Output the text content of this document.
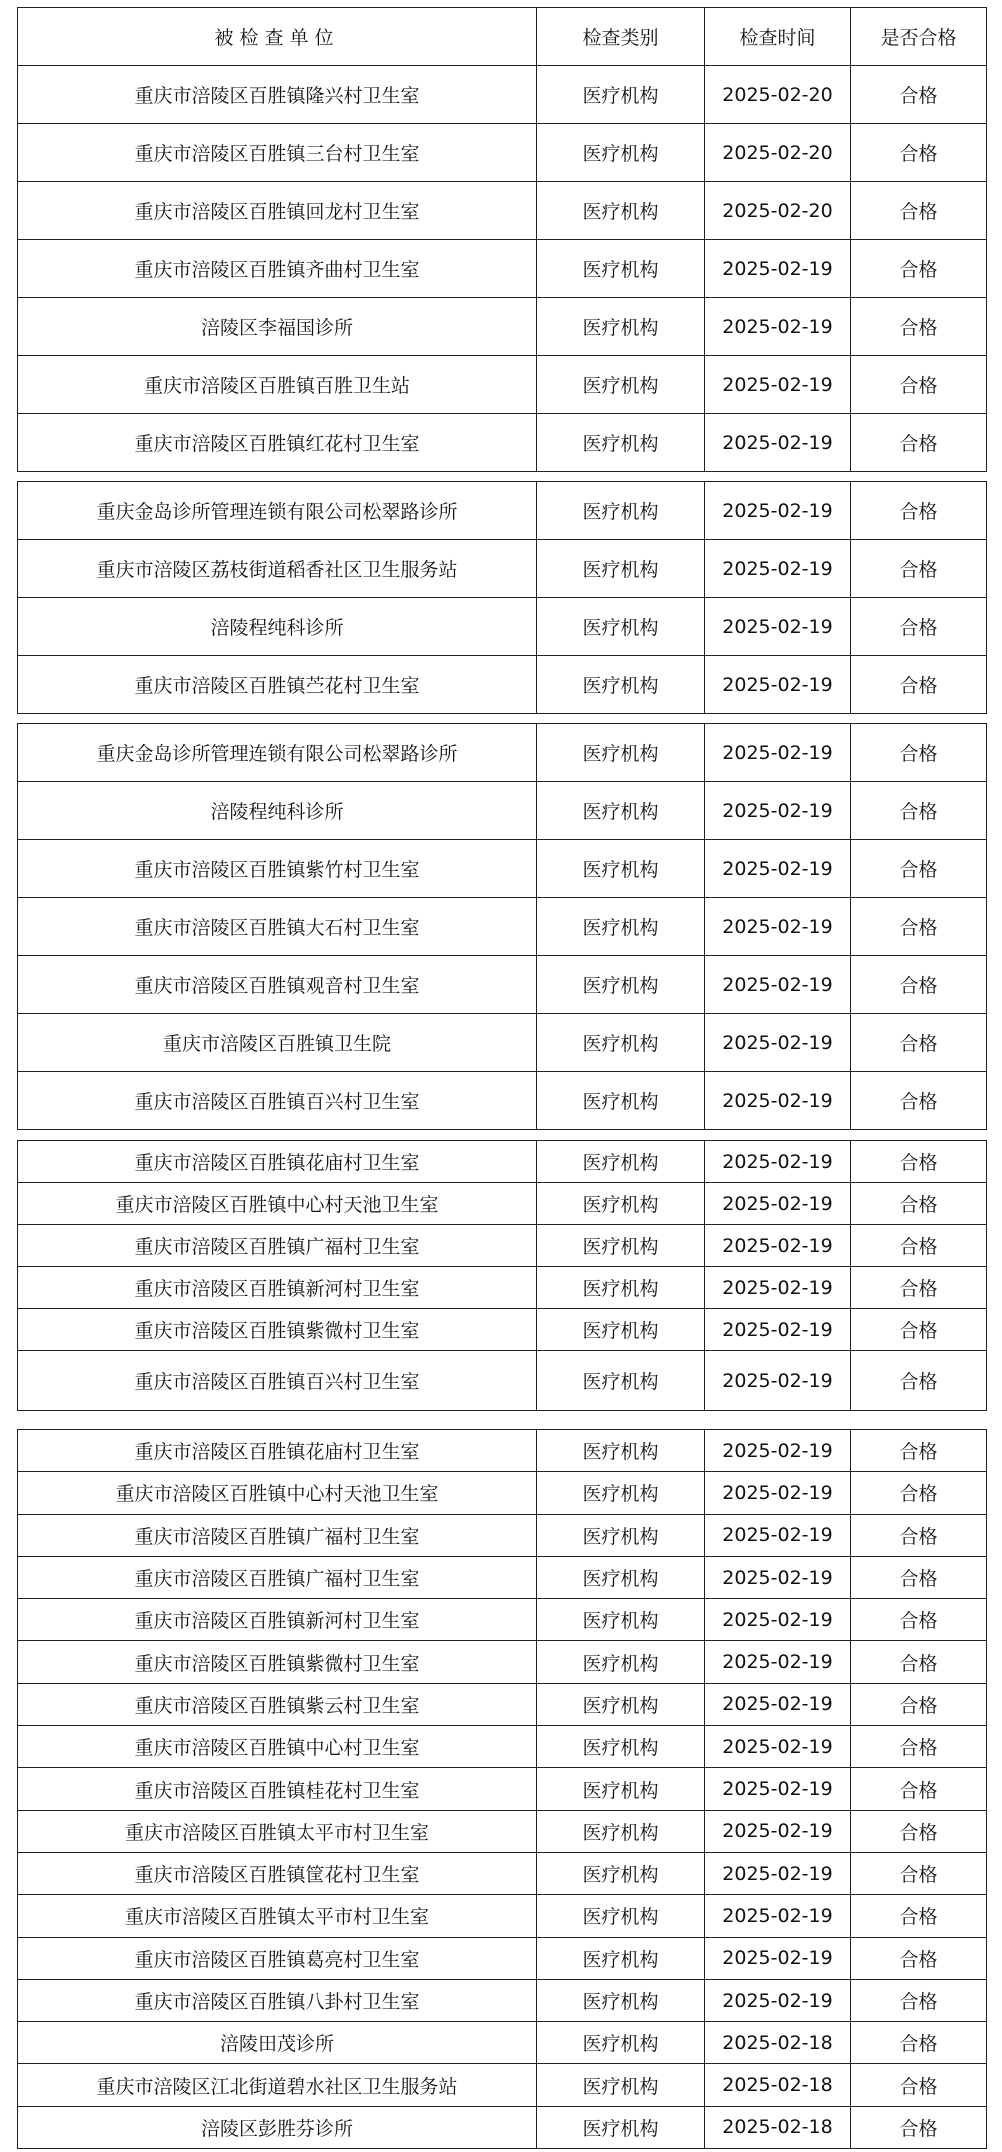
被检查单位	检查类别	检查时间	是否合格
重庆市涪陵区百胜镇隆兴村卫生室	医疗机构	2025-02-20	合格
重庆市涪陵区百胜镇三台村卫生室	医疗机构	2025-02-20	合格
重庆市涪陵区百胜镇回龙村卫生室	医疗机构	2025-02-20	合格
重庆市涪陵区百胜镇齐曲村卫生室	医疗机构	2025-02-19	合格
涪陵区李福国诊所	医疗机构	2025-02-19	合格
重庆市涪陵区百胜镇百胜卫生站	医疗机构	2025-02-19	合格
重庆市涪陵区百胜镇红花村卫生室	医疗机构	2025-02-19	合格
重庆金岛诊所管理连锁有限公司松翠路诊所	医疗机构	2025-02-19	合格
重庆市涪陵区荔枝街道稻香社区卫生服务站	医疗机构	2025-02-19	合格
涪陵程纯科诊所	医疗机构	2025-02-19	合格
重庆市涪陵区百胜镇苎花村卫生室	医疗机构	2025-02-19	合格
重庆金岛诊所管理连锁有限公司松翠路诊所	医疗机构	2025-02-19	合格
涪陵程纯科诊所	医疗机构	2025-02-19	合格
重庆市涪陵区百胜镇紫竹村卫生室	医疗机构	2025-02-19	合格
重庆市涪陵区百胜镇大石村卫生室	医疗机构	2025-02-19	合格
重庆市涪陵区百胜镇观音村卫生室	医疗机构	2025-02-19	合格
重庆市涪陵区百胜镇卫生院	医疗机构	2025-02-19	合格
重庆市涪陵区百胜镇百兴村卫生室	医疗机构	2025-02-19	合格
重庆市涪陵区百胜镇花庙村卫生室	医疗机构	2025-02-19	合格
重庆市涪陵区百胜镇中心村天池卫生室	医疗机构	2025-02-19	合格
重庆市涪陵区百胜镇广福村卫生室	医疗机构	2025-02-19	合格
重庆市涪陵区百胜镇新河村卫生室	医疗机构	2025-02-19	合格
重庆市涪陵区百胜镇紫微村卫生室	医疗机构	2025-02-19	合格
重庆市涪陵区百胜镇百兴村卫生室	医疗机构	2025-02-19	合格
重庆市涪陵区百胜镇花庙村卫生室	医疗机构	2025-02-19	合格
重庆市涪陵区百胜镇中心村天池卫生室	医疗机构	2025-02-19	合格
重庆市涪陵区百胜镇广福村卫生室	医疗机构	2025-02-19	合格
重庆市涪陵区百胜镇广福村卫生室	医疗机构	2025-02-19	合格
重庆市涪陵区百胜镇新河村卫生室	医疗机构	2025-02-19	合格
重庆市涪陵区百胜镇紫微村卫生室	医疗机构	2025-02-19	合格
重庆市涪陵区百胜镇紫云村卫生室	医疗机构	2025-02-19	合格
重庆市涪陵区百胜镇中心村卫生室	医疗机构	2025-02-19	合格
重庆市涪陵区百胜镇桂花村卫生室	医疗机构	2025-02-19	合格
重庆市涪陵区百胜镇太平市村卫生室	医疗机构	2025-02-19	合格
重庆市涪陵区百胜镇筐花村卫生室	医疗机构	2025-02-19	合格
重庆市涪陵区百胜镇太平市村卫生室	医疗机构	2025-02-19	合格
重庆市涪陵区百胜镇葛亮村卫生室	医疗机构	2025-02-19	合格
重庆市涪陵区百胜镇八卦村卫生室	医疗机构	2025-02-19	合格
涪陵田茂诊所	医疗机构	2025-02-18	合格
重庆市涪陵区江北街道碧水社区卫生服务站	医疗机构	2025-02-18	合格
涪陵区彭胜芬诊所	医疗机构	2025-02-18	合格
